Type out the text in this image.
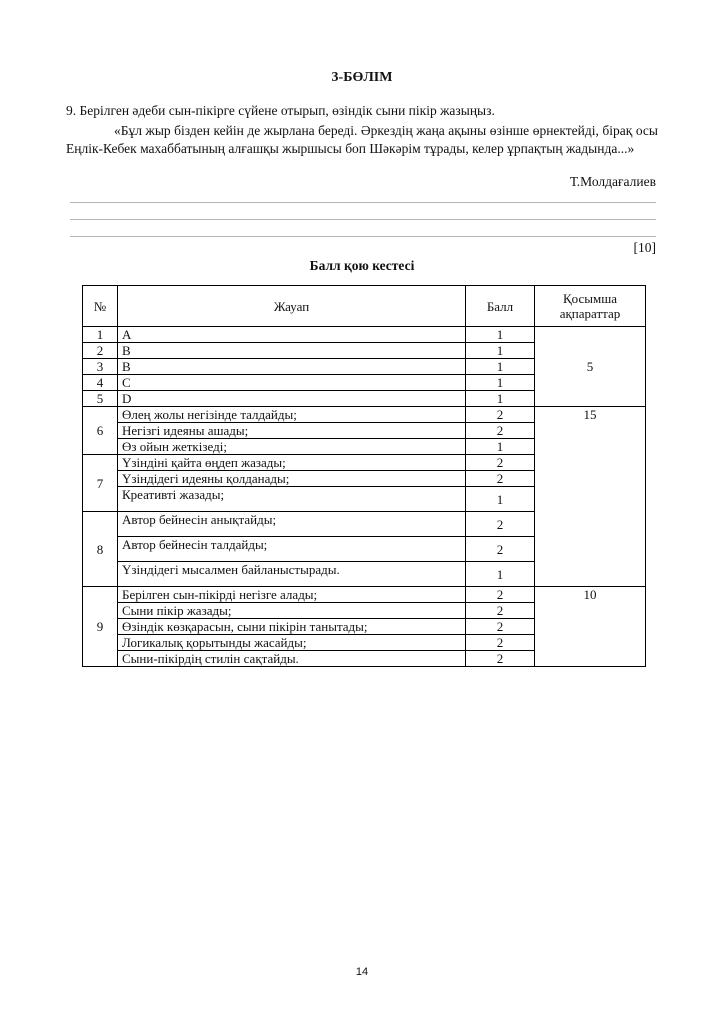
3-БӨЛІМ
9. Берілген әдеби сын-пікірге сүйене отырып, өзіндік сыни пікір жазыңыз.
«Бұл жыр бізден кейін де жырлана береді. Әркездің жаңа ақыны өзінше өрнектейді, бірақ осы Еңлік-Кебек махаббатының алғашқы жыршысы боп Шәкәрім тұрады, келер ұрпақтың жадында...»
Т.Молдағалиев
[10]
Балл қою кестесі
№	Жауап	Балл	Қосымша ақпараттар
1	A	1	5
2	B	1	
3	B	1	
4	C	1	
5	D	1	
6	Өлең жолы негізінде талдайды;	2	15
	Негізгі идеяны ашады;	2	
	Өз ойын жеткізеді;	1	
7	Үзіндіні қайта өңдеп жазады;	2	
	Үзіндідегі идеяны қолданады;	2	
	Креативті жазады;	1	
8	Автор бейнесін анықтайды;	2	
	Автор бейнесін талдайды;	2	
	Үзіндідегі мысалмен байланыстырады.	1	
9	Берілген сын-пікірді негізге алады;	2	10
	Сыни пікір жазады;	2	
	Өзіндік көзқарасын, сыни пікірін танытады;	2	
	Логикалық қорытынды жасайды;	2	
	Сыни-пікірдің стилін сақтайды.	2	
14
